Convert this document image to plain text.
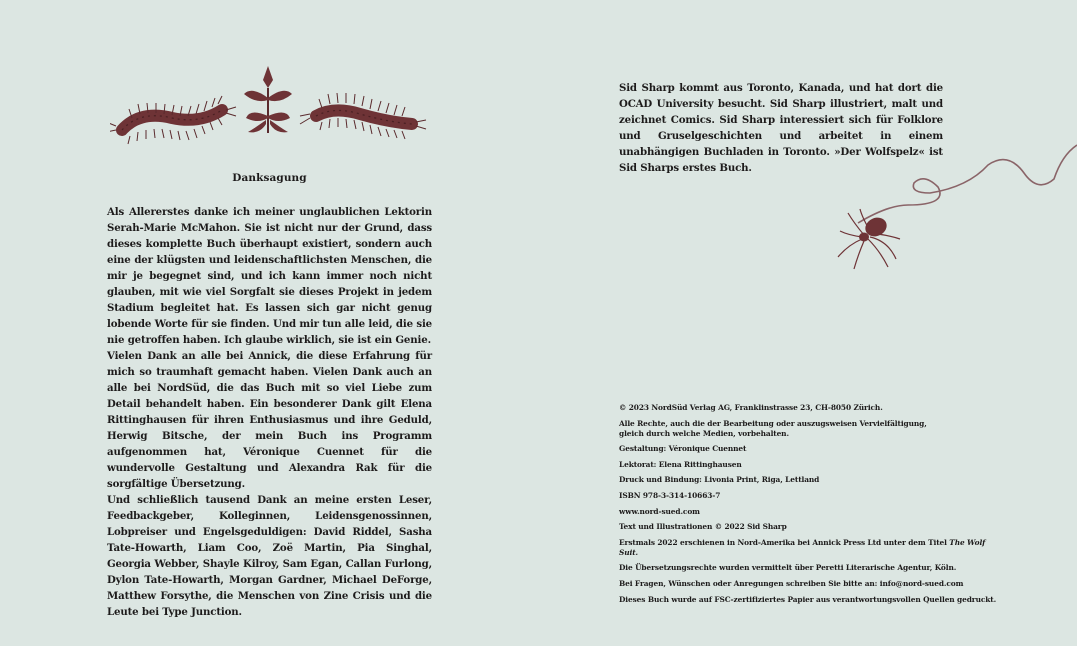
Danksagung

Als Allererstes danke ich meiner unglaublichen Lektorin Serah-Marie McMahon. Sie ist nicht nur der Grund, dass dieses komplette Buch überhaupt existiert, sondern auch eine der klügsten und leidenschaftlichsten Menschen, die mir je begegnet sind, und ich kann immer noch nicht glauben, mit wie viel Sorgfalt sie dieses Projekt in jedem Stadium begleitet hat. Es lassen sich gar nicht genug lobende Worte für sie finden. Und mir tun alle leid, die sie nie getroffen haben. Ich glaube wirklich, sie ist ein Genie.

Vielen Dank an alle bei Annick, die diese Erfahrung für mich so traumhaft gemacht haben. Vielen Dank auch an alle bei NordSüd, die das Buch mit so viel Liebe zum Detail behandelt haben. Ein besonderer Dank gilt Elena Rittinghausen für ihren Enthusiasmus und ihre Geduld, Herwig Bitsche, der mein Buch ins Programm aufgenommen hat, Véronique Cuennet für die wundervolle Gestaltung und Alexandra Rak für die sorgfältige Übersetzung.

Und schließlich tausend Dank an meine ersten Leser, Feedbackgeber, Kolleginnen, Leidensgenossinnen, Lobpreiser und Engelsgeduldigen: David Riddel, Sasha Tate-Howarth, Liam Coo, Zoë Martin, Pia Singhal, Georgia Webber, Shayle Kilroy, Sam Egan, Callan Furlong, Dylon Tate-Howarth, Morgan Gardner, Michael DeForge, Matthew Forsythe, die Menschen von Zine Crisis und die Leute bei Type Junction.

Sid Sharp kommt aus Toronto, Kanada, und hat dort die OCAD University besucht. Sid Sharp illustriert, malt und zeichnet Comics. Sid Sharp interessiert sich für Folklore und Gruselgeschichten und arbeitet in einem unabhängigen Buchladen in Toronto. »Der Wolfspelz« ist Sid Sharps erstes Buch.

© 2023 NordSüd Verlag AG, Franklinstrasse 23, CH-8050 Zürich.

Alle Rechte, auch die der Bearbeitung oder auszugsweisen Vervielfältigung,
gleich durch welche Medien, vorbehalten.

Gestaltung: Véronique Cuennet

Lektorat: Elena Rittinghausen

Druck und Bindung: Livonia Print, Riga, Lettland

ISBN 978-3-314-10663-7

www.nord-sued.com

Text und Illustrationen © 2022 Sid Sharp

Erstmals 2022 erschienen in Nord-Amerika bei Annick Press Ltd unter dem Titel The Wolf Suit.

Die Übersetzungsrechte wurden vermittelt über Peretti Literarische Agentur, Köln.

Bei Fragen, Wünschen oder Anregungen schreiben Sie bitte an: info@nord-sued.com

Dieses Buch wurde auf FSC-zertifiziertes Papier aus verantwortungsvollen Quellen gedruckt.
